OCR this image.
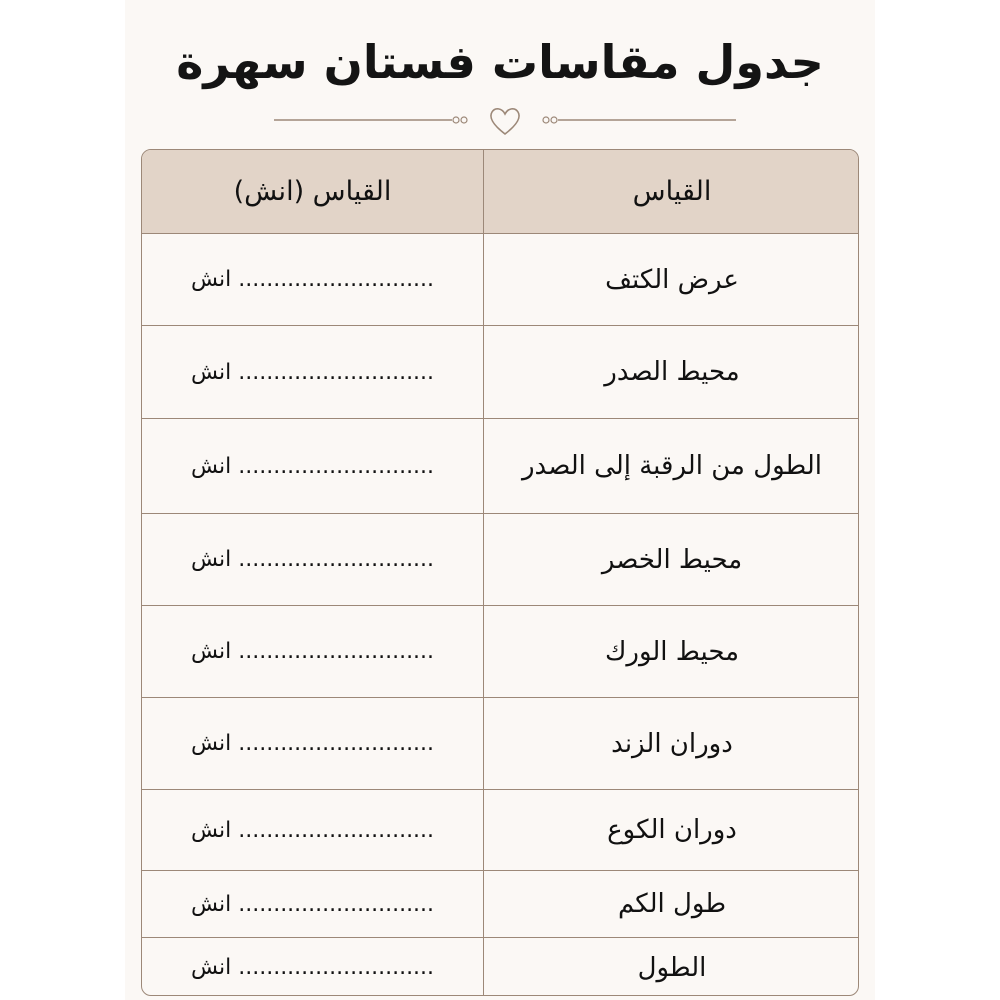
جدول مقاسات فستان سهرة
القياس
القياس (انش)
عرض الكتف
............................ انش
محيط الصدر
............................ انش
الطول من الرقبة إلى الصدر
............................ انش
محيط الخصر
............................ انش
محيط الورك
............................ انش
دوران الزند
............................ انش
دوران الكوع
............................ انش
طول الكم
............................ انش
الطول
............................ انش
